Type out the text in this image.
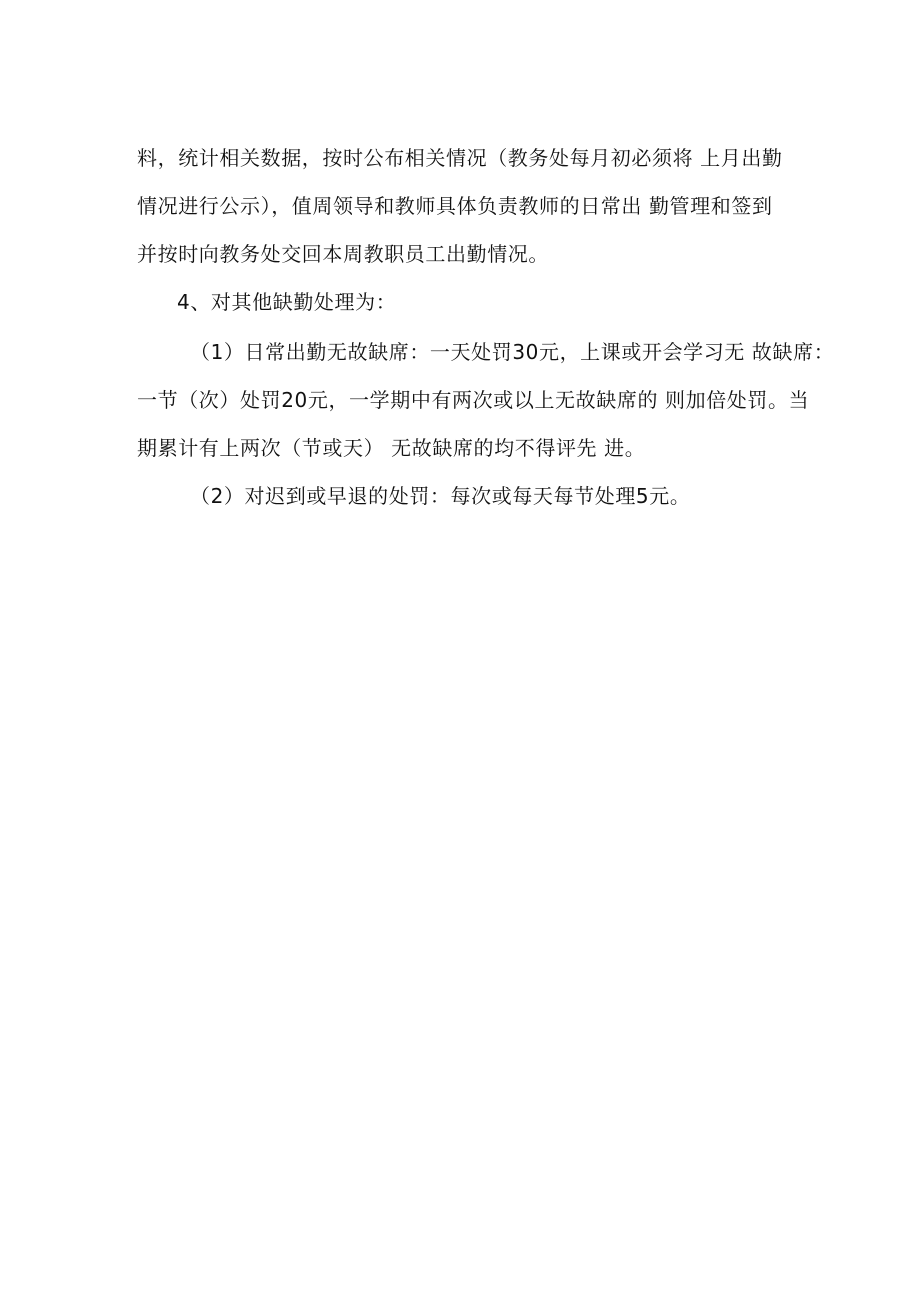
料，统计相关数据，按时公布相关情况（教务处每月初必须将 上月出勤
情况进行公示），值周领导和教师具体负责教师的日常出 勤管理和签到
并按时向教务处交回本周教职员工出勤情况。
4、对其他缺勤处理为：
（1）日常出勤无故缺席：一天处罚30元，上课或开会学习无 故缺席：
一节（次）处罚20元，一学期中有两次或以上无故缺席的 则加倍处罚。当
期累计有上两次（节或天） 无故缺席的均不得评先 进。
（2）对迟到或早退的处罚：每次或每天每节处理5元。
